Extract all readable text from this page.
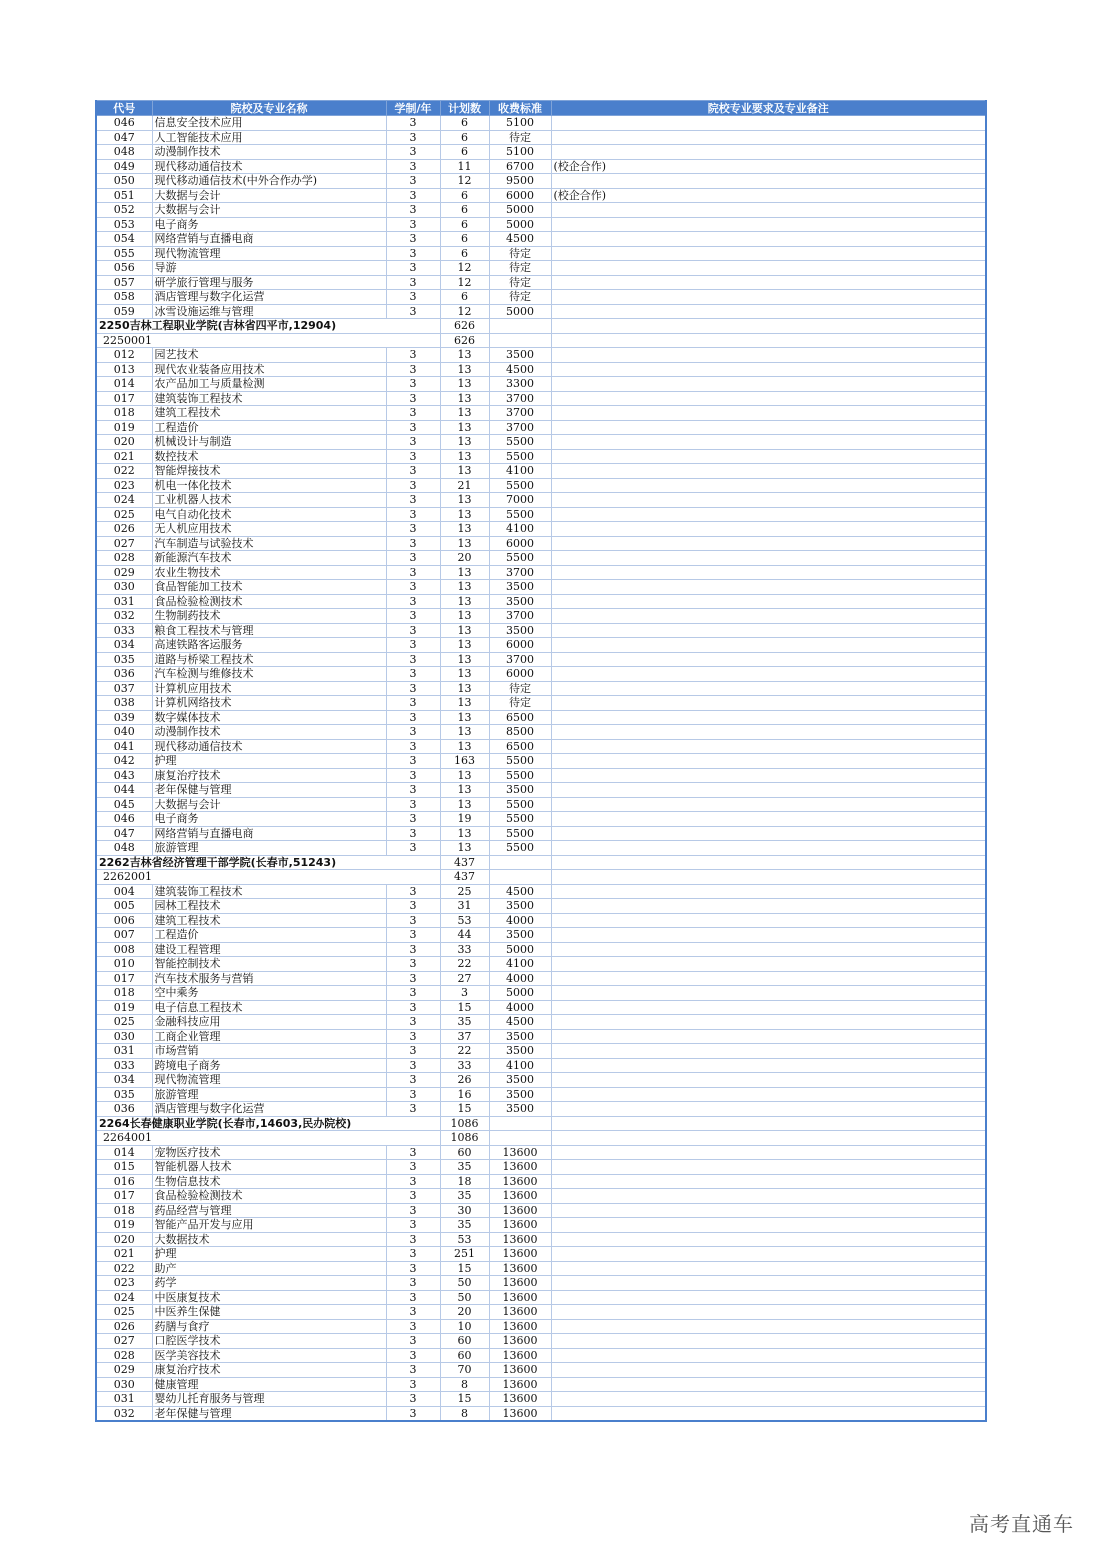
代号	院校及专业名称	学制/年	计划数	收费标准	院校专业要求及专业备注
046	信息安全技术应用	3	6	5100	
047	人工智能技术应用	3	6	待定	
048	动漫制作技术	3	6	5100	
049	现代移动通信技术	3	11	6700	(校企合作)
050	现代移动通信技术(中外合作办学)	3	12	9500	
051	大数据与会计	3	6	6000	(校企合作)
052	大数据与会计	3	6	5000	
053	电子商务	3	6	5000	
054	网络营销与直播电商	3	6	4500	
055	现代物流管理	3	6	待定	
056	导游	3	12	待定	
057	研学旅行管理与服务	3	12	待定	
058	酒店管理与数字化运营	3	6	待定	
059	冰雪设施运维与管理	3	12	5000	
2250吉林工程职业学院(吉林省四平市,12904)			626		
2250001			626		
012	园艺技术	3	13	3500	
013	现代农业装备应用技术	3	13	4500	
014	农产品加工与质量检测	3	13	3300	
017	建筑装饰工程技术	3	13	3700	
018	建筑工程技术	3	13	3700	
019	工程造价	3	13	3700	
020	机械设计与制造	3	13	5500	
021	数控技术	3	13	5500	
022	智能焊接技术	3	13	4100	
023	机电一体化技术	3	21	5500	
024	工业机器人技术	3	13	7000	
025	电气自动化技术	3	13	5500	
026	无人机应用技术	3	13	4100	
027	汽车制造与试验技术	3	13	6000	
028	新能源汽车技术	3	20	5500	
029	农业生物技术	3	13	3700	
030	食品智能加工技术	3	13	3500	
031	食品检验检测技术	3	13	3500	
032	生物制药技术	3	13	3700	
033	粮食工程技术与管理	3	13	3500	
034	高速铁路客运服务	3	13	6000	
035	道路与桥梁工程技术	3	13	3700	
036	汽车检测与维修技术	3	13	6000	
037	计算机应用技术	3	13	待定	
038	计算机网络技术	3	13	待定	
039	数字媒体技术	3	13	6500	
040	动漫制作技术	3	13	8500	
041	现代移动通信技术	3	13	6500	
042	护理	3	163	5500	
043	康复治疗技术	3	13	5500	
044	老年保健与管理	3	13	3500	
045	大数据与会计	3	13	5500	
046	电子商务	3	19	5500	
047	网络营销与直播电商	3	13	5500	
048	旅游管理	3	13	5500	
2262吉林省经济管理干部学院(长春市,51243)			437		
2262001			437		
004	建筑装饰工程技术	3	25	4500	
005	园林工程技术	3	31	3500	
006	建筑工程技术	3	53	4000	
007	工程造价	3	44	3500	
008	建设工程管理	3	33	5000	
010	智能控制技术	3	22	4100	
017	汽车技术服务与营销	3	27	4000	
018	空中乘务	3	3	5000	
019	电子信息工程技术	3	15	4000	
025	金融科技应用	3	35	4500	
030	工商企业管理	3	37	3500	
031	市场营销	3	22	3500	
033	跨境电子商务	3	33	4100	
034	现代物流管理	3	26	3500	
035	旅游管理	3	16	3500	
036	酒店管理与数字化运营	3	15	3500	
2264长春健康职业学院(长春市,14603,民办院校)			1086		
2264001			1086		
014	宠物医疗技术	3	60	13600	
015	智能机器人技术	3	35	13600	
016	生物信息技术	3	18	13600	
017	食品检验检测技术	3	35	13600	
018	药品经营与管理	3	30	13600	
019	智能产品开发与应用	3	35	13600	
020	大数据技术	3	53	13600	
021	护理	3	251	13600	
022	助产	3	15	13600	
023	药学	3	50	13600	
024	中医康复技术	3	50	13600	
025	中医养生保健	3	20	13600	
026	药膳与食疗	3	10	13600	
027	口腔医学技术	3	60	13600	
028	医学美容技术	3	60	13600	
029	康复治疗技术	3	70	13600	
030	健康管理	3	8	13600	
031	婴幼儿托育服务与管理	3	15	13600	
032	老年保健与管理	3	8	13600	
高考直通车
